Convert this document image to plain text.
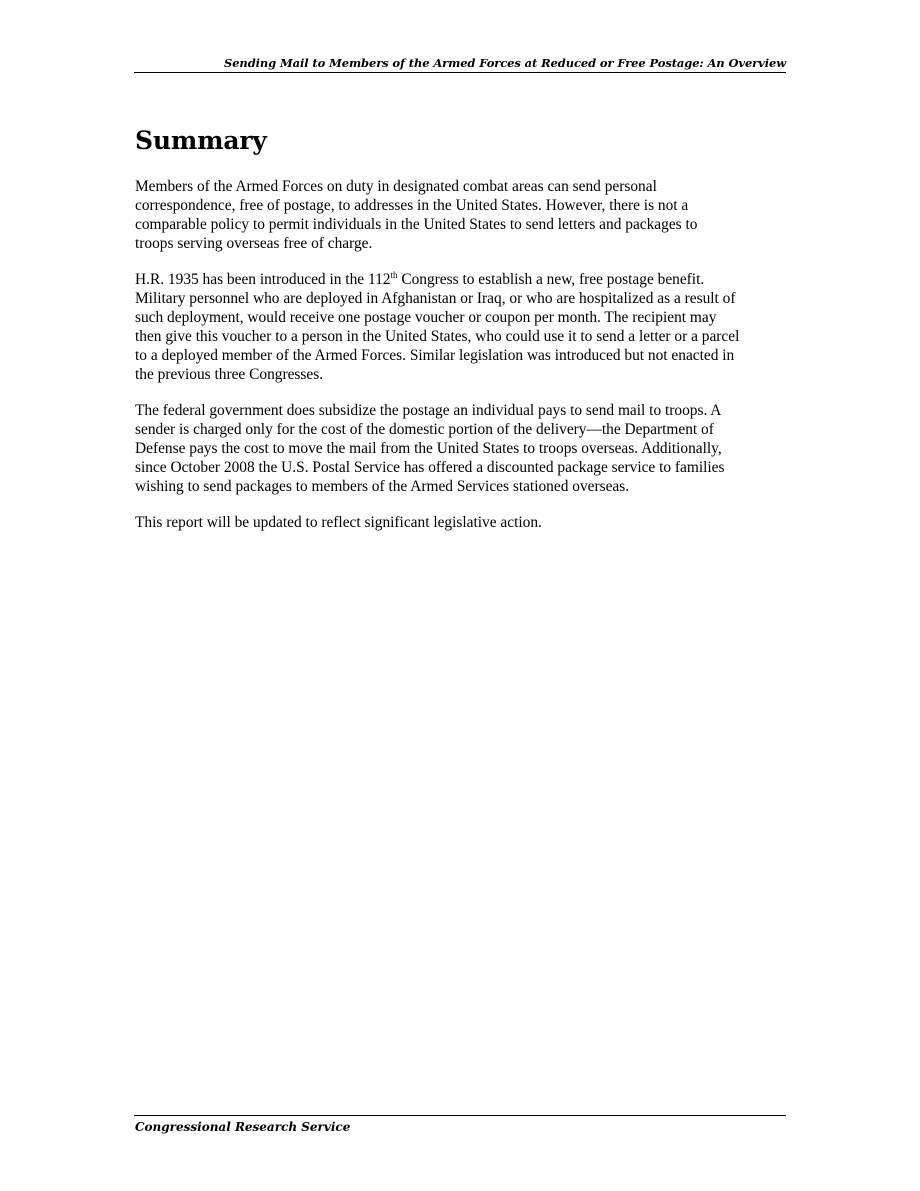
Sending Mail to Members of the Armed Forces at Reduced or Free Postage: An Overview
Summary

Members of the Armed Forces on duty in designated combat areas can send personal
correspondence, free of postage, to addresses in the United States. However, there is not a
comparable policy to permit individuals in the United States to send letters and packages to
troops serving overseas free of charge.

H.R. 1935 has been introduced in the 112th Congress to establish a new, free postage benefit.
Military personnel who are deployed in Afghanistan or Iraq, or who are hospitalized as a result of
such deployment, would receive one postage voucher or coupon per month. The recipient may
then give this voucher to a person in the United States, who could use it to send a letter or a parcel
to a deployed member of the Armed Forces. Similar legislation was introduced but not enacted in
the previous three Congresses.

The federal government does subsidize the postage an individual pays to send mail to troops. A
sender is charged only for the cost of the domestic portion of the delivery—the Department of
Defense pays the cost to move the mail from the United States to troops overseas. Additionally,
since October 2008 the U.S. Postal Service has offered a discounted package service to families
wishing to send packages to members of the Armed Services stationed overseas.

This report will be updated to reflect significant legislative action.

Congressional Research Service
